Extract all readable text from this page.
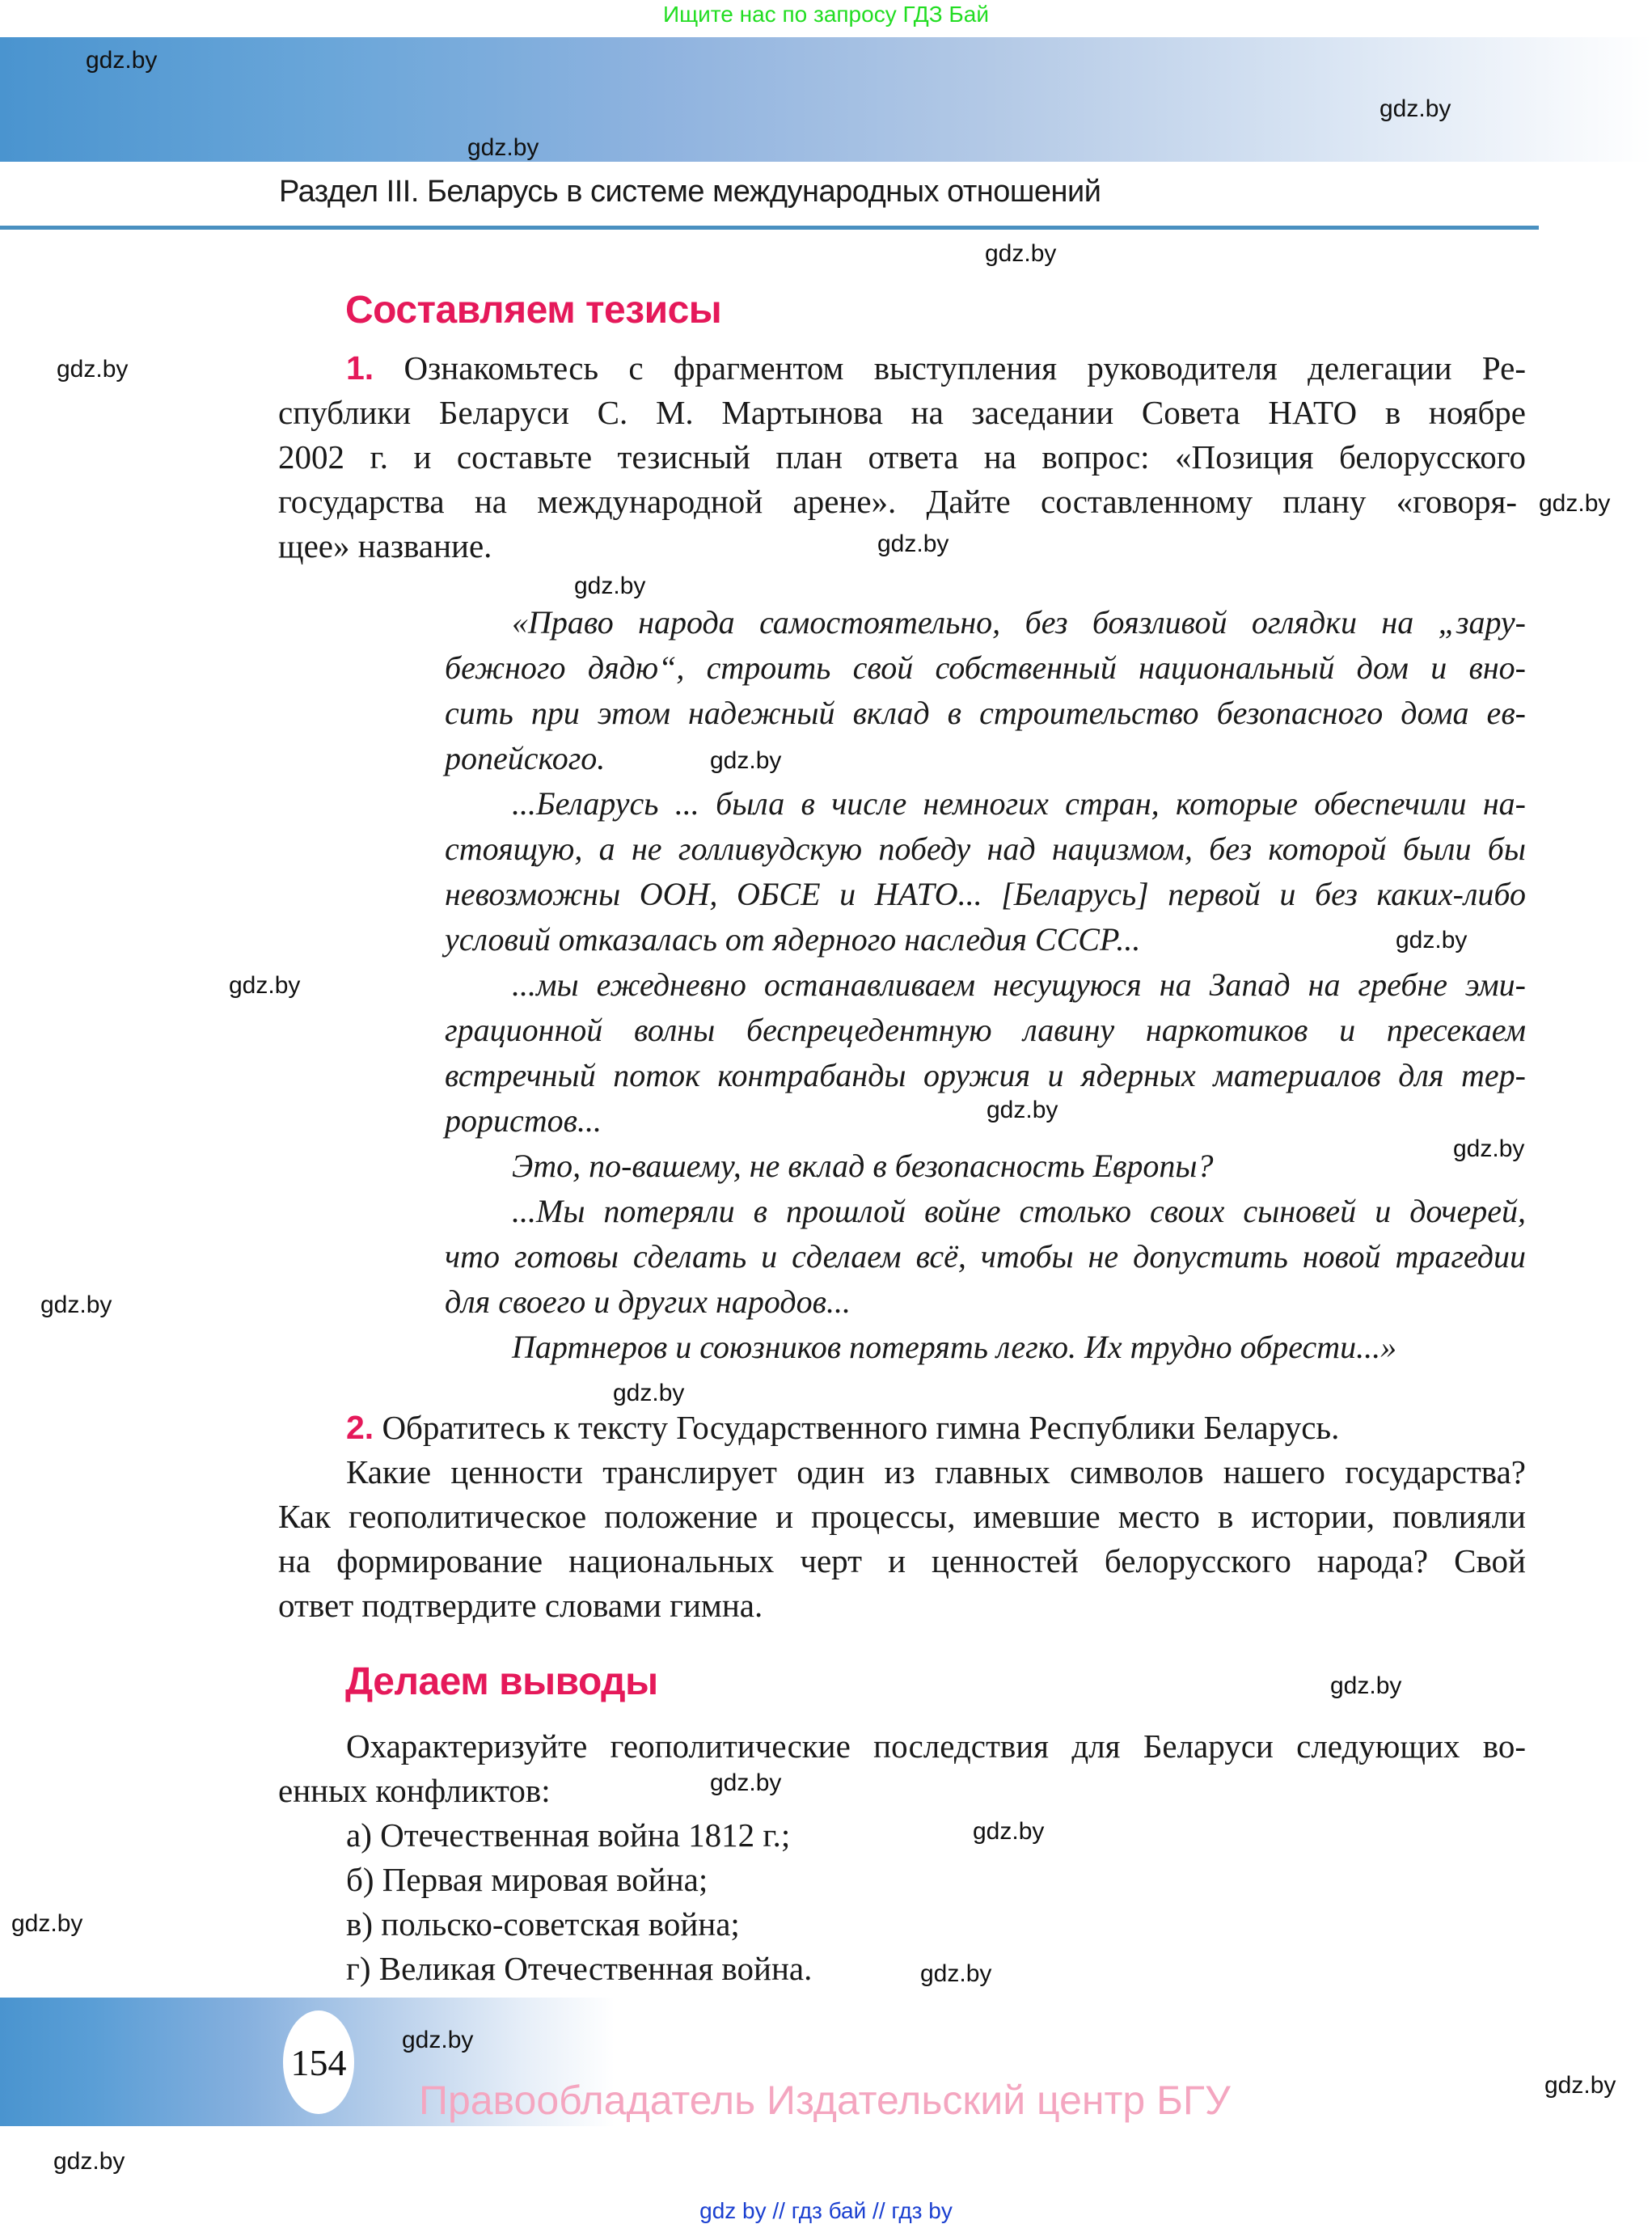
Ищите нас по запросу ГДЗ Бай
Раздел III. Беларусь в системе международных отношений
Составляем тезисы
1. Ознакомьтесь с фрагментом выступления руководителя делегации Ре-
спублики Беларуси С. М. Мартынова на заседании Совета НАТО в ноябре
2002 г. и составьте тезисный план ответа на вопрос: «Позиция белорусского
государства на международной арене». Дайте составленному плану «говоря-
щее» название.
«Право народа самостоятельно, без боязливой оглядки на „зару-
бежного дядю“, строить свой собственный национальный дом и вно-
сить при этом надежный вклад в строительство безопасного дома ев-
ропейского.
...Беларусь ... была в числе немногих стран, которые обеспечили на-
стоящую, а не голливудскую победу над нацизмом, без которой были бы
невозможны ООН, ОБСЕ и НАТО... [Беларусь] первой и без каких-либо
условий отказалась от ядерного наследия СССР...
...мы ежедневно останавливаем несущуюся на Запад на гребне эми-
грационной волны беспрецедентную лавину наркотиков и пресекаем
встречный поток контрабанды оружия и ядерных материалов для тер-
рористов...
Это, по-вашему, не вклад в безопасность Европы?
...Мы потеряли в прошлой войне столько своих сыновей и дочерей,
что готовы сделать и сделаем всё, чтобы не допустить новой трагедии
для своего и других народов...
Партнеров и союзников потерять легко. Их трудно обрести...»
2. Обратитесь к тексту Государственного гимна Республики Беларусь.
Какие ценности транслирует один из главных символов нашего государства?
Как геополитическое положение и процессы, имевшие место в истории, повлияли
на формирование национальных черт и ценностей белорусского народа? Свой
ответ подтвердите словами гимна.
Делаем выводы
Охарактеризуйте геополитические последствия для Беларуси следующих во-
енных конфликтов:
а) Отечественная война 1812 г.;
б) Первая мировая война;
в) польско-советская война;
г) Великая Отечественная война.
154
Правообладатель Издательский центр БГУ
gdz by // гдз бай // гдз by
gdz.by
gdz.by
gdz.by
gdz.by
gdz.by
gdz.by
gdz.by
gdz.by
gdz.by
gdz.by
gdz.by
gdz.by
gdz.by
gdz.by
gdz.by
gdz.by
gdz.by
gdz.by
gdz.by
gdz.by
gdz.by
gdz.by
gdz.by
